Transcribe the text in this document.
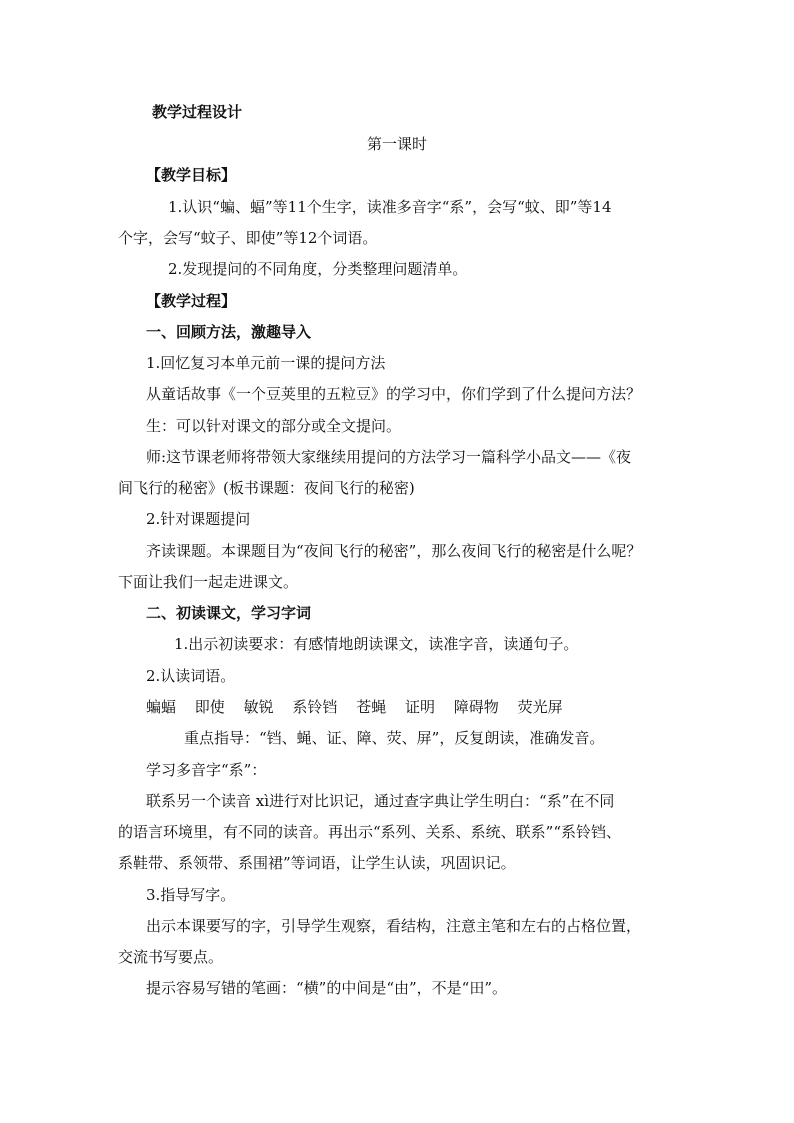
教学过程设计
第一课时
【教学目标】
1.认识“蝙、蝠”等11个生字，读准多音字“系”，会写“蚊、即”等14
个字，会写“蚊子、即使”等12个词语。
2.发现提问的不同角度，分类整理问题清单。
【教学过程】
一、回顾方法，激趣导入
1.回忆复习本单元前一课的提问方法
从童话故事《一个豆荚里的五粒豆》的学习中，你们学到了什么提问方法？
生：可以针对课文的部分或全文提问。
师:这节课老师将带领大家继续用提问的方法学习一篇科学小品文——《夜
间飞行的秘密》(板书课题：夜间飞行的秘密)
2.针对课题提问
齐读课题。本课题目为“夜间飞行的秘密”，那么夜间飞行的秘密是什么呢？
下面让我们一起走进课文。
二、初读课文，学习字词
1.出示初读要求：有感情地朗读课文，读准字音，读通句子。
2.认读词语。
蝙蝠 即使 敏锐 系铃铛 苍蝇 证明 障碍物 荧光屏
重点指导：“铛、蝇、证、障、荧、屏”，反复朗读，准确发音。
学习多音字“系”：
联系另一个读音 xì进行对比识记，通过查字典让学生明白：“系”在不同
的语言环境里，有不同的读音。再出示“系列、关系、系统、联系”“系铃铛、
系鞋带、系领带、系围裙”等词语，让学生认读，巩固识记。
3.指导写字。
出示本课要写的字，引导学生观察，看结构，注意主笔和左右的占格位置，
交流书写要点。
提示容易写错的笔画：“横”的中间是“由”，不是“田”。
